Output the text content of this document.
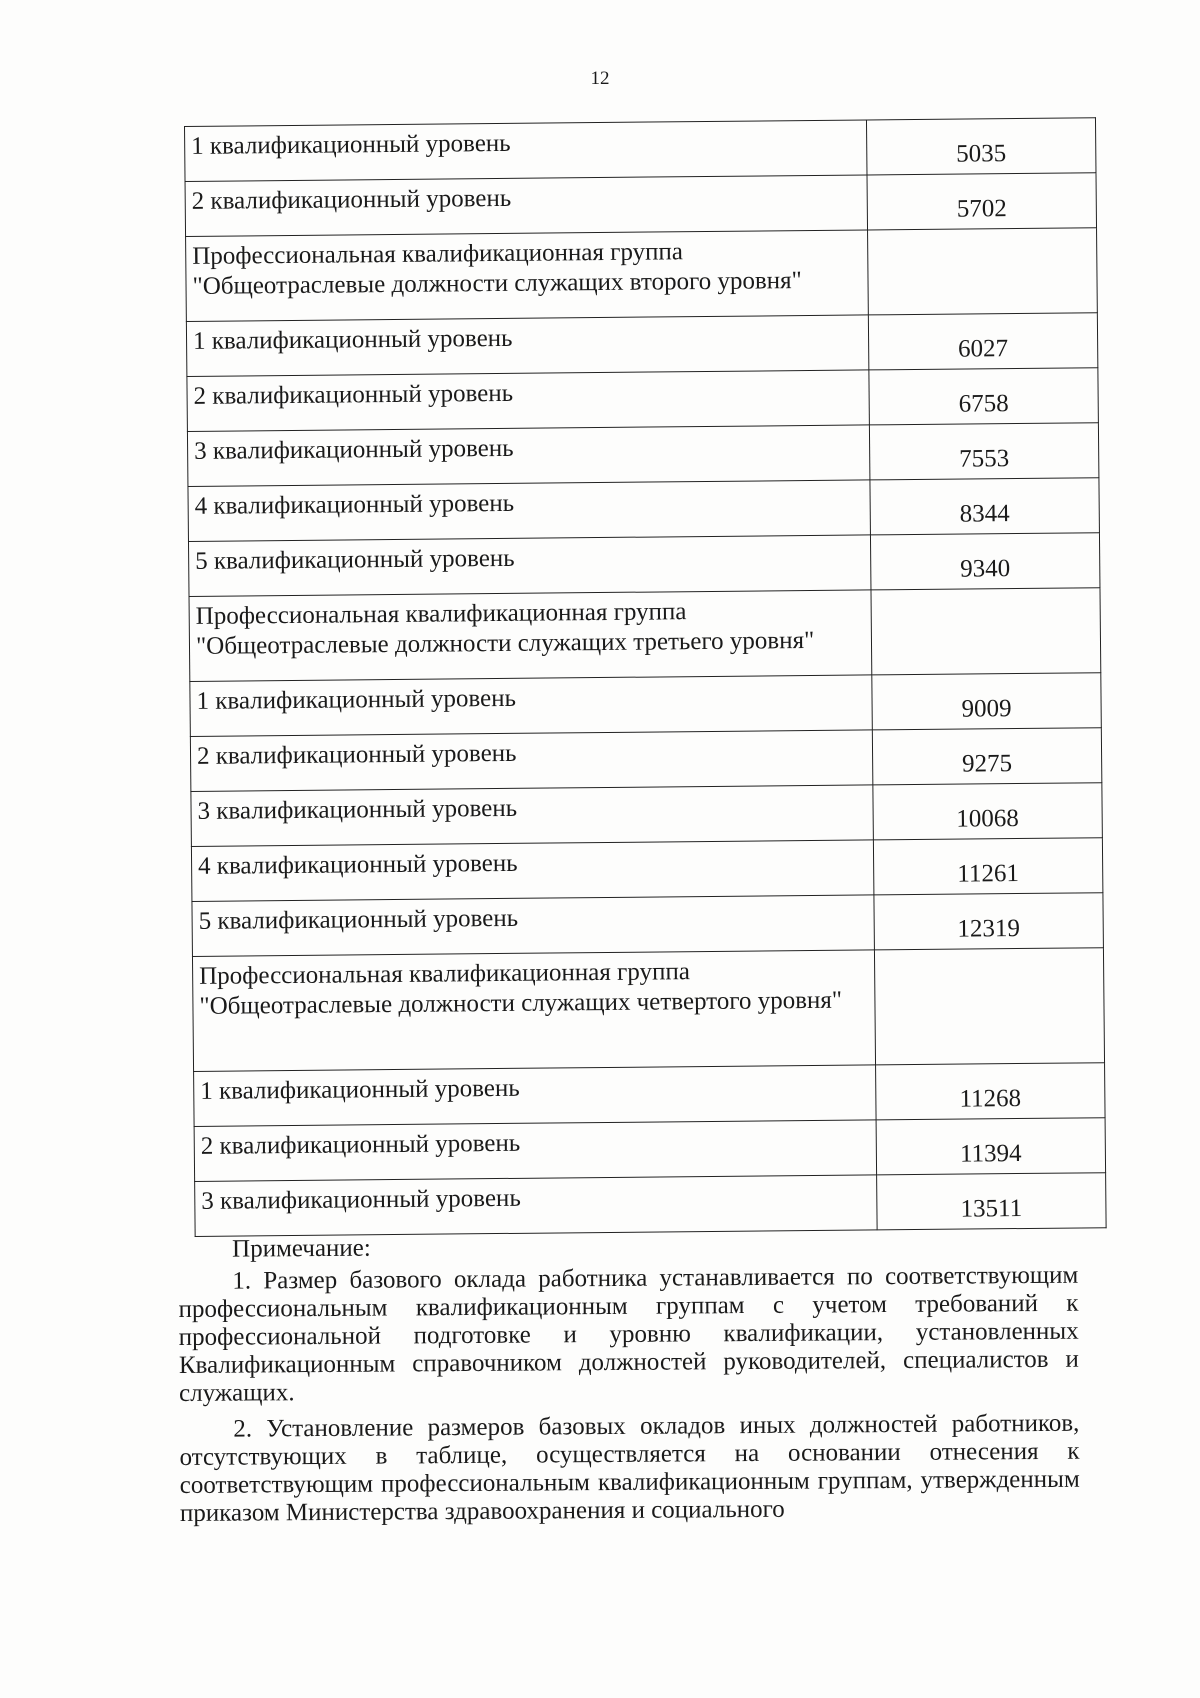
12
1 квалификационный уровень	5035
2 квалификационный уровень	5702
Профессиональная квалификационная группа "Общеотраслевые должности служащих второго уровня"	
1 квалификационный уровень	6027
2 квалификационный уровень	6758
3 квалификационный уровень	7553
4 квалификационный уровень	8344
5 квалификационный уровень	9340
Профессиональная квалификационная группа "Общеотраслевые должности служащих третьего уровня"	
1 квалификационный уровень	9009
2 квалификационный уровень	9275
3 квалификационный уровень	10068
4 квалификационный уровень	11261
5 квалификационный уровень	12319
Профессиональная квалификационная группа "Общеотраслевые должности служащих четвертого уровня"	
1 квалификационный уровень	11268
2 квалификационный уровень	11394
3 квалификационный уровень	13511
Примечание:

1. Размер базового оклада работника устанавливается по соответствующим профессиональным квалификационным группам с учетом требований к профессиональной подготовке и уровню квалификации, установленных Квалификационным справочником должностей руководителей, специалистов и служащих.

2. Установление размеров базовых окладов иных должностей работников, отсутствующих в таблице, осуществляется на основании отнесения к соответствующим профессиональным квалификационным группам, утвержденным приказом Министерства здравоохранения и социального
